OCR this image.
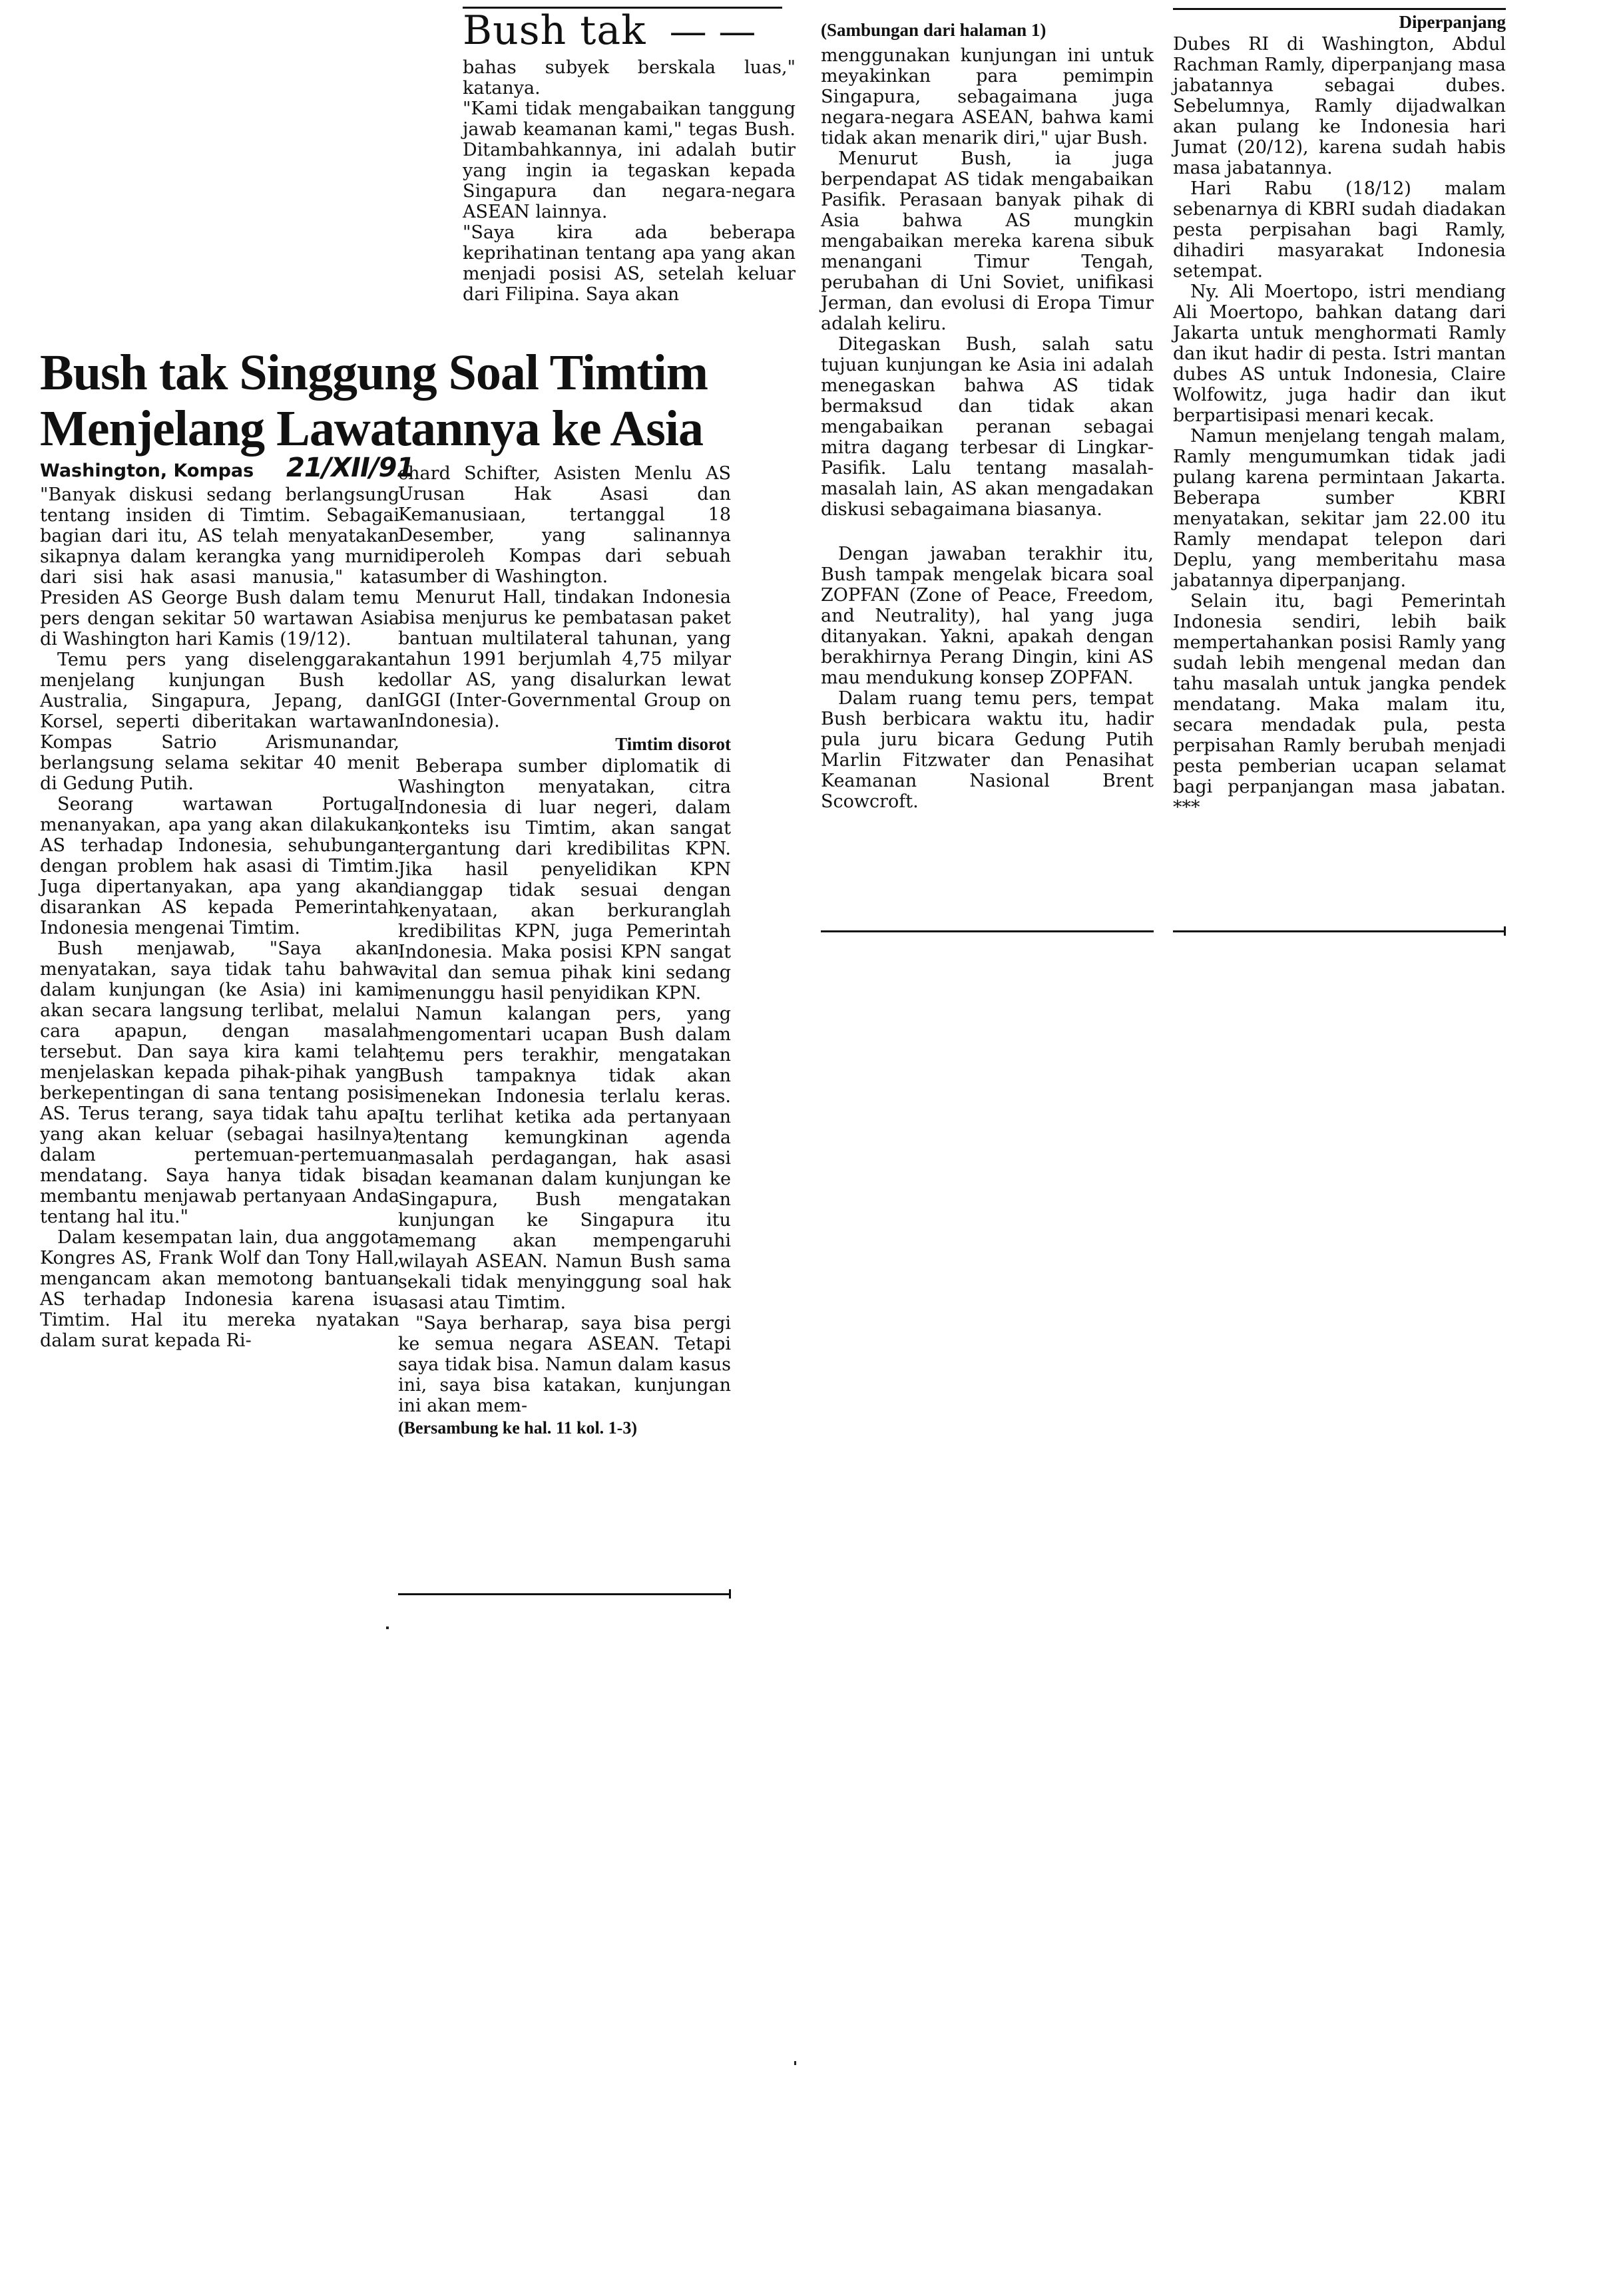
Bush tak — —

bahas subyek berskala luas," katanya.
"Kami tidak mengabaikan tanggung jawab keamanan kami," tegas Bush. Ditambahkannya, ini adalah butir yang ingin ia tegaskan kepada Singapura dan negara-negara ASEAN lainnya.
"Saya kira ada beberapa keprihatinan tentang apa yang akan menjadi posisi AS, setelah keluar dari Filipina. Saya akan

Bush tak Singgung Soal Timtim
Menjelang Lawatannya ke Asia
Washington, Kompas 21/XII/91

"Banyak diskusi sedang berlangsung tentang insiden di Timtim. Sebagai bagian dari itu, AS telah menyatakan sikapnya dalam kerangka yang murni dari sisi hak asasi manusia," kata Presiden AS George Bush dalam temu pers dengan sekitar 50 wartawan Asia di Washington hari Kamis (19/12).

Temu pers yang diselenggarakan menjelang kunjungan Bush ke Australia, Singapura, Jepang, dan Korsel, seperti diberitakan wartawan Kompas Satrio Arismunandar, berlangsung selama sekitar 40 menit di Gedung Putih.

Seorang wartawan Portugal menanyakan, apa yang akan dilakukan AS terhadap Indonesia, sehubungan dengan problem hak asasi di Timtim. Juga dipertanyakan, apa yang akan disarankan AS kepada Pemerintah Indonesia mengenai Timtim.

Bush menjawab, "Saya akan menyatakan, saya tidak tahu bahwa dalam kunjungan (ke Asia) ini kami akan secara langsung terlibat, melalui cara apapun, dengan masalah tersebut. Dan saya kira kami telah menjelaskan kepada pihak-pihak yang berkepentingan di sana tentang posisi AS. Terus terang, saya tidak tahu apa yang akan keluar (sebagai hasilnya) dalam pertemuan-pertemuan mendatang. Saya hanya tidak bisa membantu menjawab pertanyaan Anda tentang hal itu."

Dalam kesempatan lain, dua anggota Kongres AS, Frank Wolf dan Tony Hall, mengancam akan memotong bantuan AS terhadap Indonesia karena isu Timtim. Hal itu mereka nyatakan dalam surat kepada Ri-

chard Schifter, Asisten Menlu AS Urusan Hak Asasi dan Kemanusiaan, tertanggal 18 Desember, yang salinannya diperoleh Kompas dari sebuah sumber di Washington.

Menurut Hall, tindakan Indonesia bisa menjurus ke pembatasan paket bantuan multilateral tahunan, yang tahun 1991 berjumlah 4,75 milyar dollar AS, yang disalurkan lewat IGGI (Inter-Governmental Group on Indonesia).

Timtim disorot

Beberapa sumber diplomatik di Washington menyatakan, citra Indonesia di luar negeri, dalam konteks isu Timtim, akan sangat tergantung dari kredibilitas KPN. Jika hasil penyelidikan KPN dianggap tidak sesuai dengan kenyataan, akan berkuranglah kredibilitas KPN, juga Pemerintah Indonesia. Maka posisi KPN sangat vital dan semua pihak kini sedang menunggu hasil penyidikan KPN.

Namun kalangan pers, yang mengomentari ucapan Bush dalam temu pers terakhir, mengatakan Bush tampaknya tidak akan menekan Indonesia terlalu keras. Itu terlihat ketika ada pertanyaan tentang kemungkinan agenda masalah perdagangan, hak asasi dan keamanan dalam kunjungan ke Singapura, Bush mengatakan kunjungan ke Singapura itu memang akan mempengaruhi wilayah ASEAN. Namun Bush sama sekali tidak menyinggung soal hak asasi atau Timtim.

"Saya berharap, saya bisa pergi ke semua negara ASEAN. Tetapi saya tidak bisa. Namun dalam kasus ini, saya bisa katakan, kunjungan ini akan mem-

(Bersambung ke hal. 11 kol. 1-3)
(Sambungan dari halaman 1)

menggunakan kunjungan ini untuk meyakinkan para pemimpin Singapura, sebagaimana juga negara-negara ASEAN, bahwa kami tidak akan menarik diri," ujar Bush.

Menurut Bush, ia juga berpendapat AS tidak mengabaikan Pasifik. Perasaan banyak pihak di Asia bahwa AS mungkin mengabaikan mereka karena sibuk menangani Timur Tengah, perubahan di Uni Soviet, unifikasi Jerman, dan evolusi di Eropa Timur adalah keliru.

Ditegaskan Bush, salah satu tujuan kunjungan ke Asia ini adalah menegaskan bahwa AS tidak bermaksud dan tidak akan mengabaikan peranan sebagai mitra dagang terbesar di Lingkar-Pasifik. Lalu tentang masalah-masalah lain, AS akan mengadakan diskusi sebagaimana biasanya.

Dengan jawaban terakhir itu, Bush tampak mengelak bicara soal ZOPFAN (Zone of Peace, Freedom, and Neutrality), hal yang juga ditanyakan. Yakni, apakah dengan berakhirnya Perang Dingin, kini AS mau mendukung konsep ZOPFAN.

Dalam ruang temu pers, tempat Bush berbicara waktu itu, hadir pula juru bicara Gedung Putih Marlin Fitzwater dan Penasihat Keamanan Nasional Brent Scowcroft.

Diperpanjang

Dubes RI di Washington, Abdul Rachman Ramly, diperpanjang masa jabatannya sebagai dubes. Sebelumnya, Ramly dijadwalkan akan pulang ke Indonesia hari Jumat (20/12), karena sudah habis masa jabatannya.

Hari Rabu (18/12) malam sebenarnya di KBRI sudah diadakan pesta perpisahan bagi Ramly, dihadiri masyarakat Indonesia setempat.

Ny. Ali Moertopo, istri mendiang Ali Moertopo, bahkan datang dari Jakarta untuk menghormati Ramly dan ikut hadir di pesta. Istri mantan dubes AS untuk Indonesia, Claire Wolfowitz, juga hadir dan ikut berpartisipasi menari kecak.

Namun menjelang tengah malam, Ramly mengumumkan tidak jadi pulang karena permintaan Jakarta. Beberapa sumber KBRI menyatakan, sekitar jam 22.00 itu Ramly mendapat telepon dari Deplu, yang memberitahu masa jabatannya diperpanjang.

Selain itu, bagi Pemerintah Indonesia sendiri, lebih baik mempertahankan posisi Ramly yang sudah lebih mengenal medan dan tahu masalah untuk jangka pendek mendatang. Maka malam itu, secara mendadak pula, pesta perpisahan Ramly berubah menjadi pesta pemberian ucapan selamat bagi perpanjangan masa jabatan. ***
